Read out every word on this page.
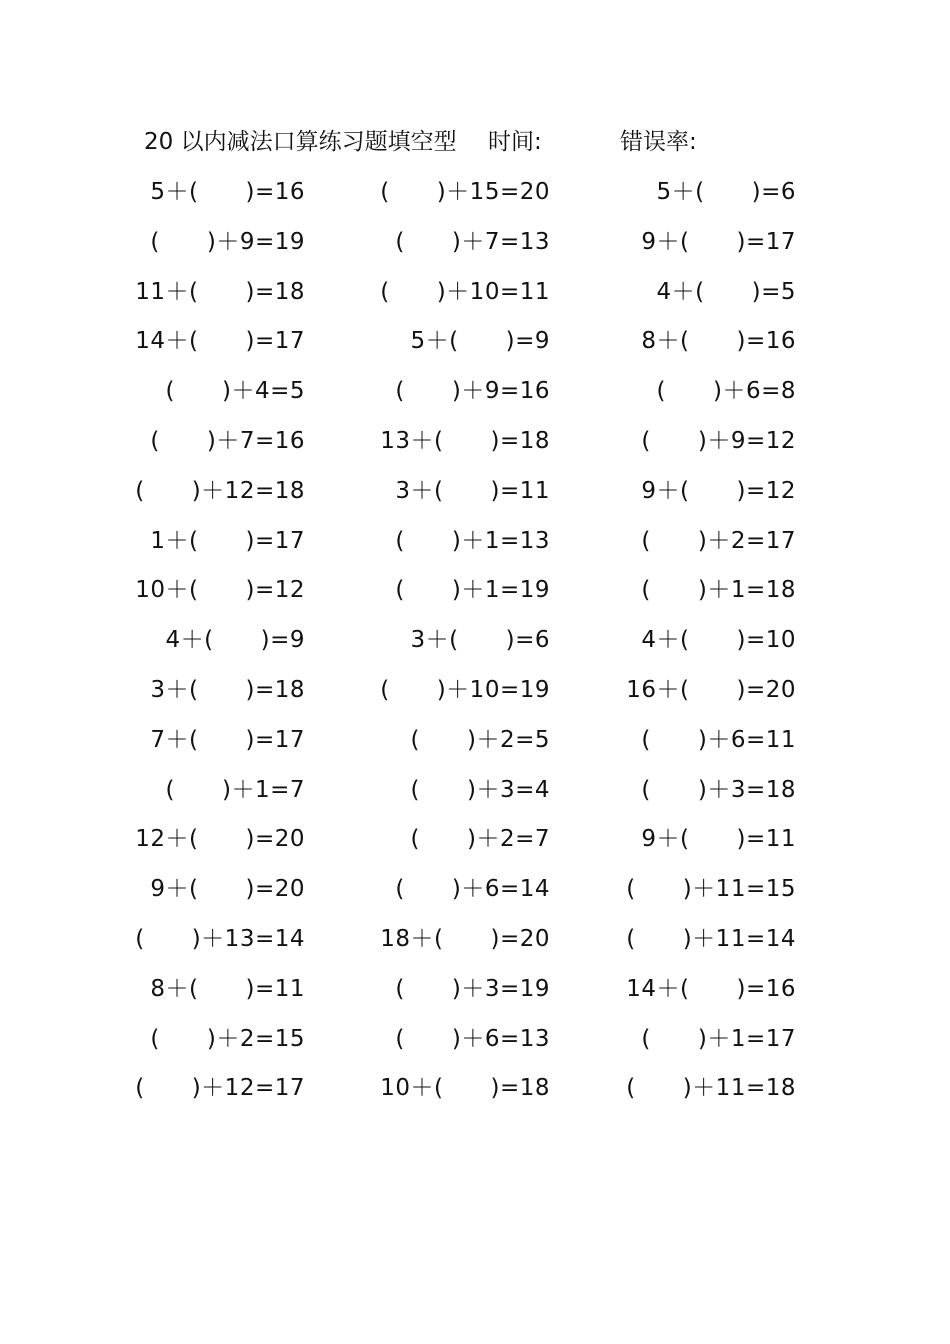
20 以内减法口算练习题填空型 时间:	错误率:
5＋(　　)=16	(　　)＋15=20	5＋(　　)=6
(　　)＋9=19	(　　)＋7=13	9＋(　　)=17
11＋(　　)=18	(　　)＋10=11	4＋(　　)=5
14＋(　　)=17	5＋(　　)=9	8＋(　　)=16
(　　)＋4=5	(　　)＋9=16	(　　)＋6=8
(　　)＋7=16	13＋(　　)=18	(　　)＋9=12
(　　)＋12=18	3＋(　　)=11	9＋(　　)=12
1＋(　　)=17	(　　)＋1=13	(　　)＋2=17
10＋(　　)=12	(　　)＋1=19	(　　)＋1=18
4＋(　　)=9	3＋(　　)=6	4＋(　　)=10
3＋(　　)=18	(　　)＋10=19	16＋(　　)=20
7＋(　　)=17	(　　)＋2=5	(　　)＋6=11
(　　)＋1=7	(　　)＋3=4	(　　)＋3=18
12＋(　　)=20	(　　)＋2=7	9＋(　　)=11
9＋(　　)=20	(　　)＋6=14	(　　)＋11=15
(　　)＋13=14	18＋(　　)=20	(　　)＋11=14
8＋(　　)=11	(　　)＋3=19	14＋(　　)=16
(　　)＋2=15	(　　)＋6=13	(　　)＋1=17
(　　)＋12=17	10＋(　　)=18	(　　)＋11=18
